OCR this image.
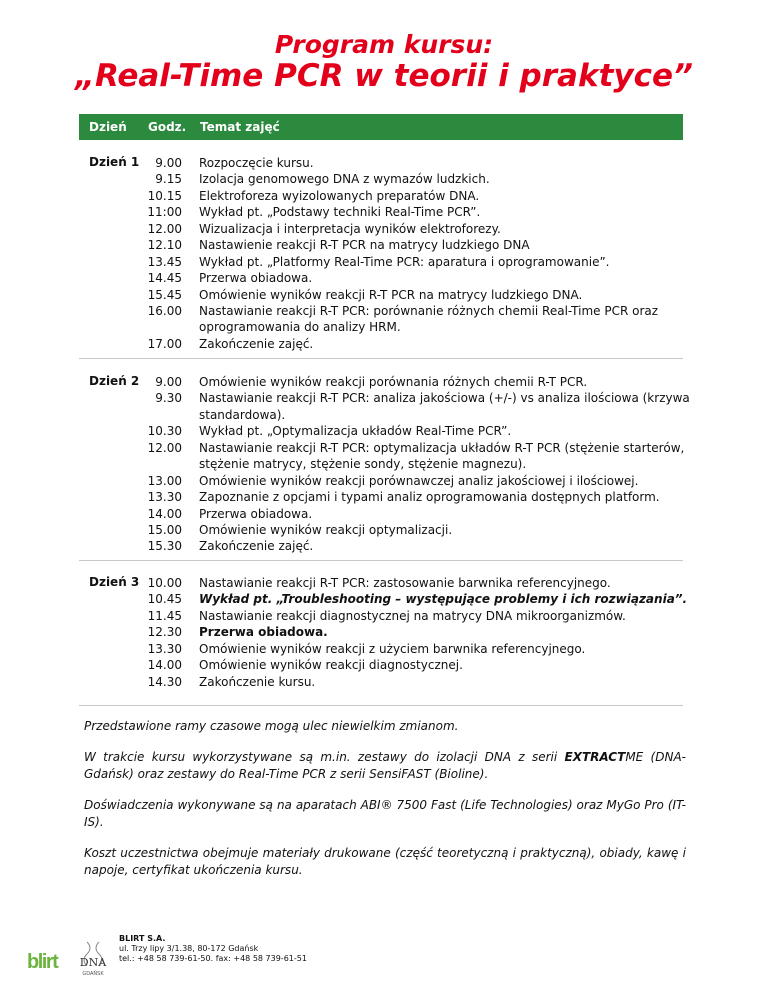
Program kursu:
„Real-Time PCR w teorii i praktyce”
Dzień Godz. Temat zajęć
Dzień 1	9.00
9.15
10.15
11:00
12.00
12.10
13.45
14.45
15.45
16.00
17.00
Rozpoczęcie kursu.
Izolacja genomowego DNA z wymazów ludzkich.
Elektroforeza wyizolowanych preparatów DNA.
Wykład pt. „Podstawy techniki Real-Time PCR”.
Wizualizacja i interpretacja wyników elektroforezy.
Nastawienie reakcji R-T PCR na matrycy ludzkiego DNA
Wykład pt. „Platformy Real-Time PCR: aparatura i oprogramowanie”.
Przerwa obiadowa.
Omówienie wyników reakcji R-T PCR na matrycy ludzkiego DNA.
Nastawianie reakcji R-T PCR: porównanie różnych chemii Real-Time PCR oraz
oprogramowania do analizy HRM.
Zakończenie zajęć.
Dzień 2	9.00
9.30
10.30
12.00
13.00
13.30
14.00
15.00
15.30
Omówienie wyników reakcji porównania różnych chemii R-T PCR.
Nastawianie reakcji R-T PCR: analiza jakościowa (+/-) vs analiza ilościowa (krzywa
standardowa).
Wykład pt. „Optymalizacja układów Real-Time PCR”.
Nastawianie reakcji R-T PCR: optymalizacja układów R-T PCR (stężenie starterów,
stężenie matrycy, stężenie sondy, stężenie magnezu).
Omówienie wyników reakcji porównawczej analiz jakościowej i ilościowej.
Zapoznanie z opcjami i typami analiz oprogramowania dostępnych platform.
Przerwa obiadowa.
Omówienie wyników reakcji optymalizacji.
Zakończenie zajęć.
Dzień 3 10.00
10.45
11.45
12.30
13.30
14.00
14.30
Nastawianie reakcji R-T PCR: zastosowanie barwnika referencyjnego.
Wykład pt. „Troubleshooting – występujące problemy i ich rozwiązania”.
Nastawianie reakcji diagnostycznej na matrycy DNA mikroorganizmów.
Przerwa obiadowa.
Omówienie wyników reakcji z użyciem barwnika referencyjnego.
Omówienie wyników reakcji diagnostycznej.
Zakończenie kursu.

Przedstawione ramy czasowe mogą ulec niewielkim zmianom.

W trakcie kursu wykorzystywane są m.in. zestawy do izolacji DNA z serii EXTRACTME (DNA-Gdańsk) oraz zestawy do Real-Time PCR z serii SensiFAST (Bioline).

Doświadczenia wykonywane są na aparatach ABI® 7500 Fast (Life Technologies) oraz MyGo Pro (IT-IS).

Koszt uczestnictwa obejmuje materiały drukowane (część teoretyczną i praktyczną), obiady, kawę i napoje, certyfikat ukończenia kursu.

blirt DNA
GDAŃSK
BLIRT S.A.
ul. Trzy lipy 3/1.38, 80-172 Gdańsk
tel.: +48 58 739-61-50. fax: +48 58 739-61-51
